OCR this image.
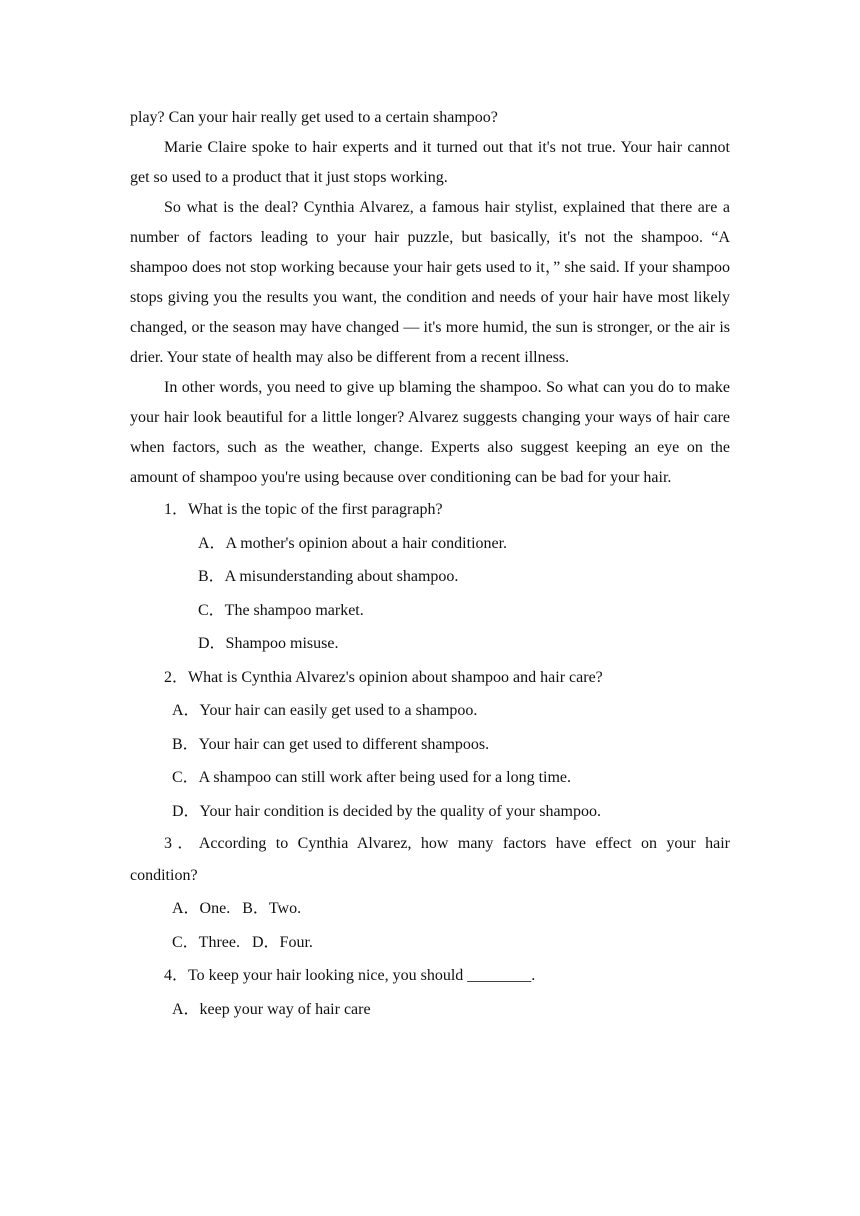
play? Can your hair really get used to a certain shampoo?

Marie Claire spoke to hair experts and it turned out that it's not true. Your hair cannot get so used to a product that it just stops working.

So what is the deal? Cynthia Alvarez, a famous hair stylist, explained that there are a number of factors leading to your hair puzzle, but basically, it's not the shampoo. “A shampoo does not stop working because your hair gets used to it，” she said. If your shampoo stops giving you the results you want, the condition and needs of your hair have most likely changed, or the season may have changed — it's more humid, the sun is stronger, or the air is drier. Your state of health may also be different from a recent illness.

In other words, you need to give up blaming the shampoo. So what can you do to make your hair look beautiful for a little longer? Alvarez suggests changing your ways of hair care when factors, such as the weather, change. Experts also suggest keeping an eye on the amount of shampoo you're using because over conditioning can be bad for your hair.

1．What is the topic of the first paragraph?

A．A mother's opinion about a hair conditioner.

B．A misunderstanding about shampoo.

C．The shampoo market.

D．Shampoo misuse.

2．What is Cynthia Alvarez's opinion about shampoo and hair care?

A．Your hair can easily get used to a shampoo.

B．Your hair can get used to different shampoos.

C．A shampoo can still work after being used for a long time.

D．Your hair condition is decided by the quality of your shampoo.

3．According to Cynthia Alvarez, how many factors have effect on your hair condition?

A．One. B．Two.

C．Three. D．Four.

4．To keep your hair looking nice, you should ________.

A．keep your way of hair care
